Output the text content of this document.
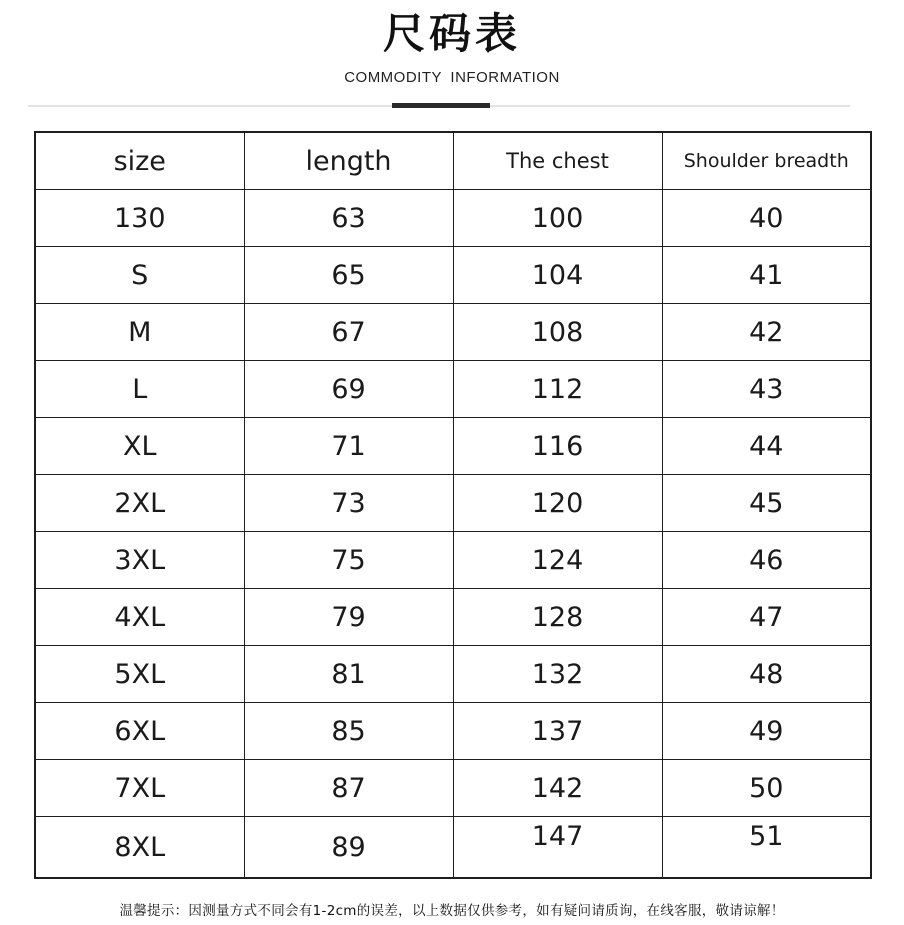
尺码表
COMMODITY INFORMATION
size	length	The chest	Shoulder breadth
130	63	100	40
S	65	104	41
M	67	108	42
L	69	112	43
XL	71	116	44
2XL	73	120	45
3XL	75	124	46
4XL	79	128	47
5XL	81	132	48
6XL	85	137	49
7XL	87	142	50
8XL	89	147	51
温馨提示：因测量方式不同会有1-2cm的误差，以上数据仅供参考，如有疑问请质询，在线客服，敬请谅解！
